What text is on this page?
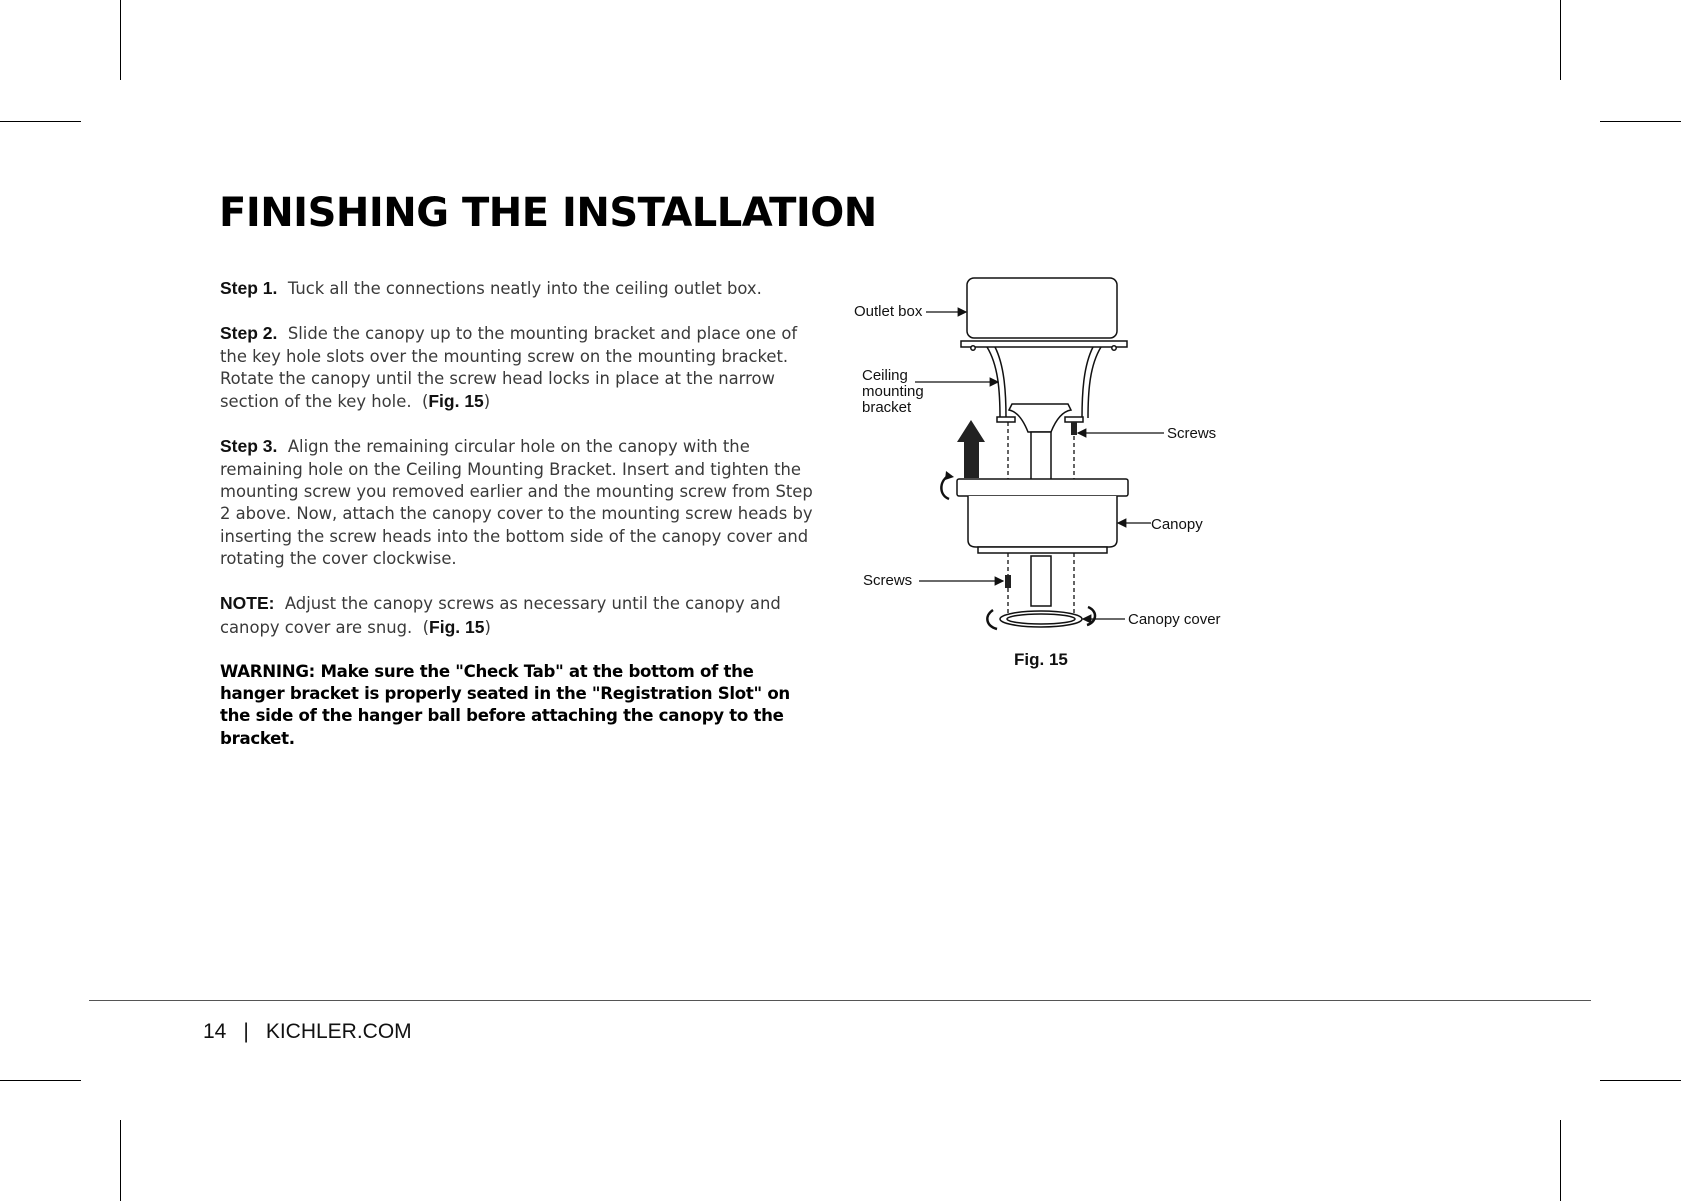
FINISHING THE INSTALLATION

Step 1. Tuck all the connections neatly into the ceiling outlet box.

Step 2. Slide the canopy up to the mounting bracket and place one of the key hole slots over the mounting screw on the mounting bracket. Rotate the canopy until the screw head locks in place at the narrow section of the key hole.  (Fig. 15)

Step 3. Align the remaining circular hole on the canopy with the remaining hole on the Ceiling Mounting Bracket. Insert and tighten the mounting screw you removed earlier and the mounting screw from Step 2 above. Now, attach the canopy cover to the mounting screw heads by inserting the screw heads into the bottom side of the canopy cover and rotating the cover clockwise.

NOTE: Adjust the canopy screws as necessary until the canopy and canopy cover are snug.  (Fig. 15)

WARNING: Make sure the "Check Tab" at the bottom of the hanger bracket is properly seated in the "Registration Slot" on the side of the hanger ball before attaching the canopy to the bracket.

Outlet box
Ceiling
mounting
bracket
Screws
Canopy
Screws
Canopy cover
Fig. 15
14 | KICHLER.COM
